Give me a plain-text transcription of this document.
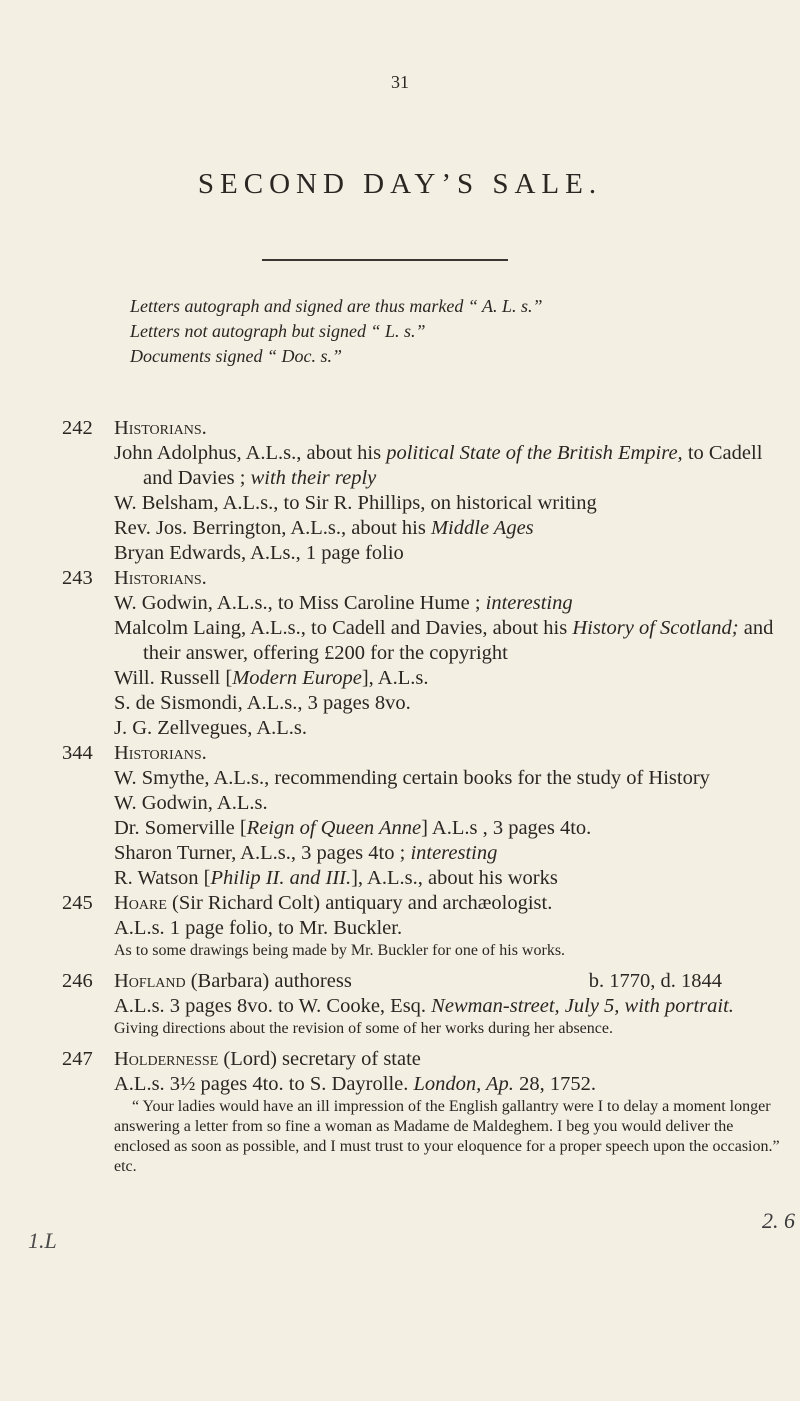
31
SECOND DAY’S SALE.
Letters autograph and signed are thus marked “ A. L. s.”
Letters not autograph but signed “ L. s.”
Documents signed “ Doc. s.”
242 Historians.
John Adolphus, A.L.s., about his political State of the British Empire, to Cadell and Davies ; with their reply
W. Belsham, A.L.s., to Sir R. Phillips, on historical writing
Rev. Jos. Berrington, A.L.s., about his Middle Ages
Bryan Edwards, A.Ls., 1 page folio
243 Historians.
W. Godwin, A.L.s., to Miss Caroline Hume ; interesting
Malcolm Laing, A.L.s., to Cadell and Davies, about his History of Scotland; and their answer, offering £200 for the copyright
Will. Russell [Modern Europe], A.L.s.
S. de Sismondi, A.L.s., 3 pages 8vo.
J. G. Zellvegues, A.L.s.
344 Historians.
W. Smythe, A.L.s., recommending certain books for the study of History
W. Godwin, A.L.s.
Dr. Somerville [Reign of Queen Anne] A.L.s , 3 pages 4to.
Sharon Turner, A.L.s., 3 pages 4to ; interesting
R. Watson [Philip II. and III.], A.L.s., about his works
245 Hoare (Sir Richard Colt) antiquary and archæologist.
A.L.s. 1 page folio, to Mr. Buckler.
As to some drawings being made by Mr. Buckler for one of his works.
246 Hofland (Barbara) authoress	b. 1770, d. 1844
A.L.s. 3 pages 8vo. to W. Cooke, Esq. Newman-street, July 5, with portrait.
Giving directions about the revision of some of her works during her absence.
247 Holdernesse (Lord) secretary of state
A.L.s. 3½ pages 4to. to S. Dayrolle. London, Ap. 28, 1752.
“ Your ladies would have an ill impression of the English gallantry were I to delay a moment longer answering a letter from so fine a woman as Madame de Maldeghem. I beg you would deliver the enclosed as soon as possible, and I must trust to your eloquence for a proper speech upon the occasion.” etc.
1.L
2. 6
